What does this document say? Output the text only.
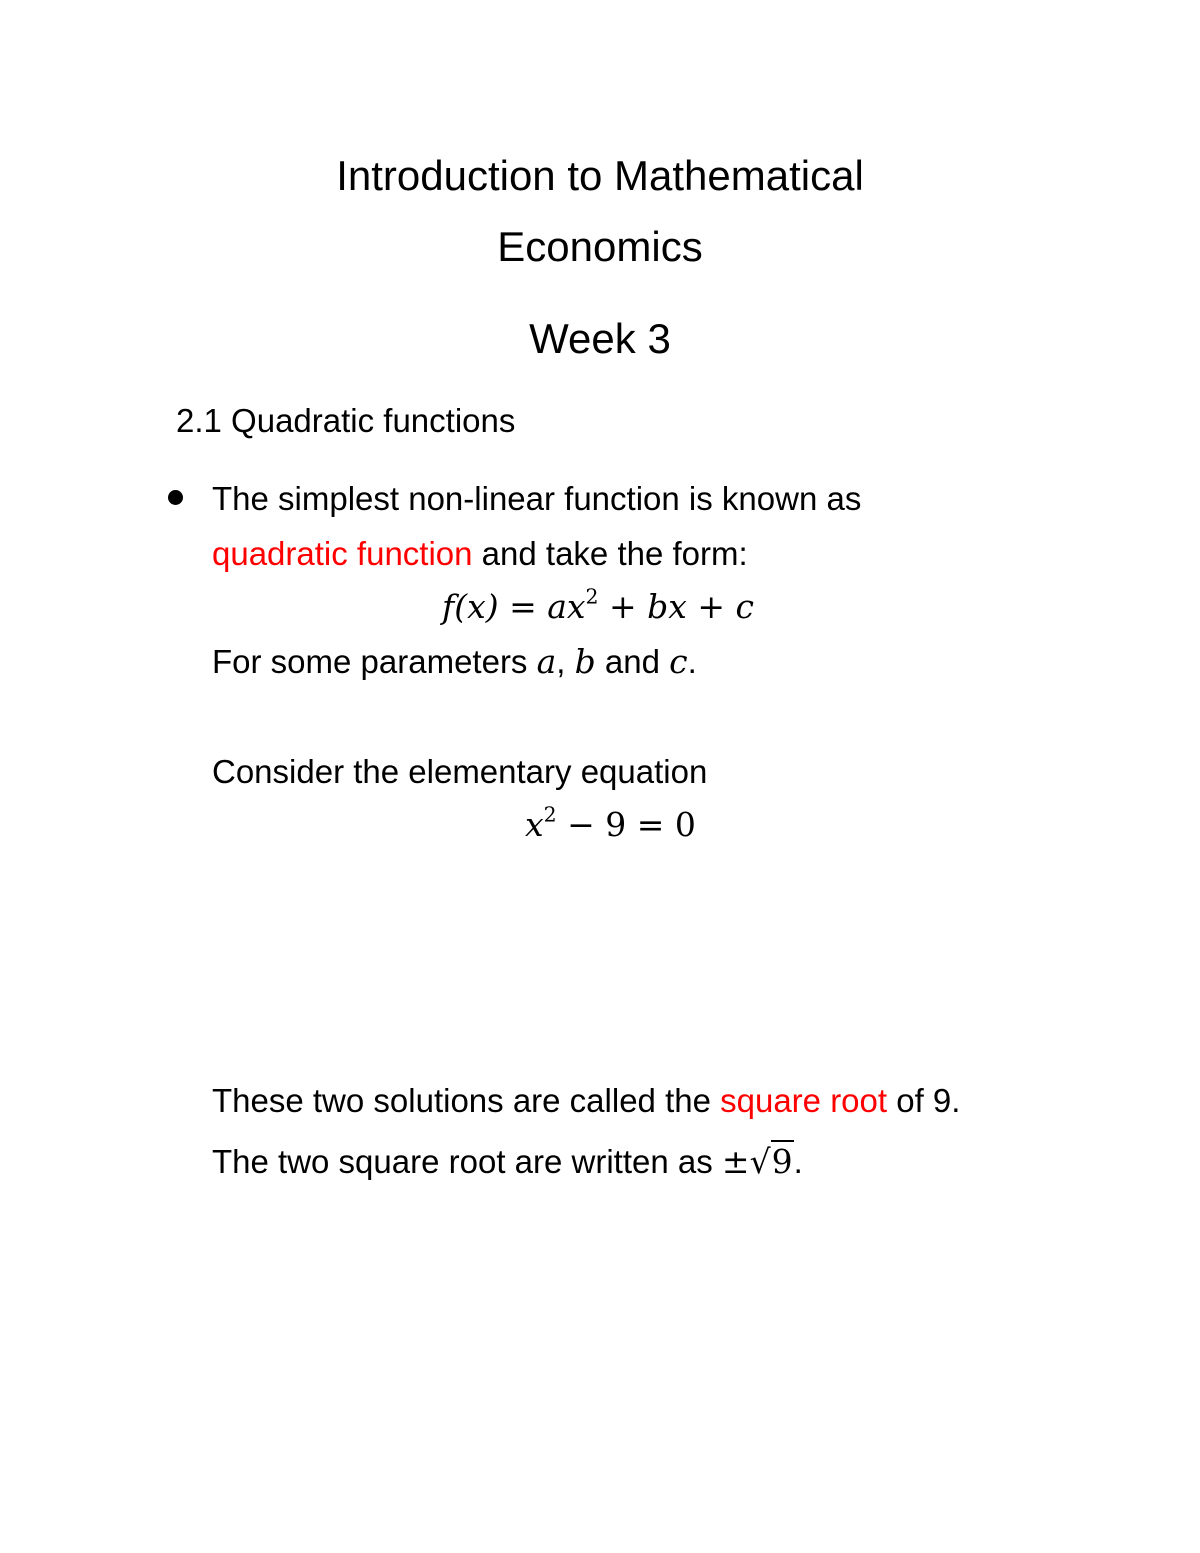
Introduction to Mathematical
Economics
Week 3
2.1 Quadratic functions
The simplest non-linear function is known as
quadratic function and take the form:
$f(x) = ax^2$ + bx + c
For some parameters a, b and c.
Consider the elementary equation
$x^2 - 9 = 0$
These two solutions are called the square root of 9.
The two square root are written as ±√9.
